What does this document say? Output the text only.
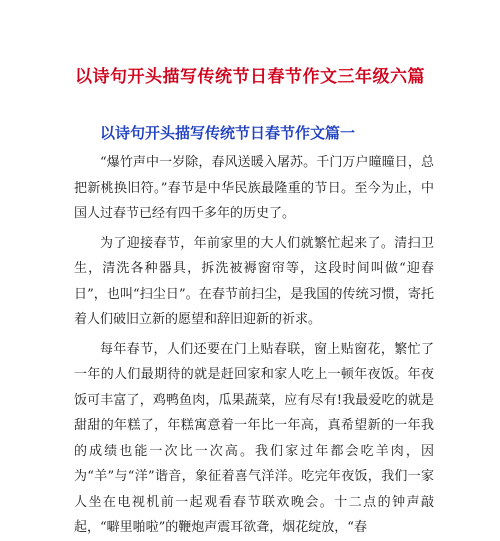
以诗句开头描写传统节日春节作文三年级六篇
以诗句开头描写传统节日春节作文篇一

“爆竹声中一岁除，春风送暖入屠苏。千门万户曈曈日，总把新桃换旧符。”春节是中华民族最隆重的节日。至今为止，中国人过春节已经有四千多年的历史了。

为了迎接春节，年前家里的大人们就繁忙起来了。清扫卫生，清洗各种器具，拆洗被褥窗帘等，这段时间叫做“迎春日”，也叫“扫尘日”。在春节前扫尘，是我国的传统习惯，寄托着人们破旧立新的愿望和辞旧迎新的祈求。

每年春节，人们还要在门上贴春联，窗上贴窗花，繁忙了一年的人们最期待的就是赶回家和家人吃上一顿年夜饭。年夜饭可丰富了，鸡鸭鱼肉，瓜果蔬菜，应有尽有!我最爱吃的就是甜甜的年糕了，年糕寓意着一年比一年高，真希望新的一年我的成绩也能一次比一次高。我们家过年都会吃羊肉，因为“羊”与“洋”谐音，象征着喜气洋洋。吃完年夜饭，我们一家人坐在电视机前一起观看春节联欢晚会。十二点的钟声敲起，“噼里啪啦”的鞭炮声震耳欲聋，烟花绽放，“春
